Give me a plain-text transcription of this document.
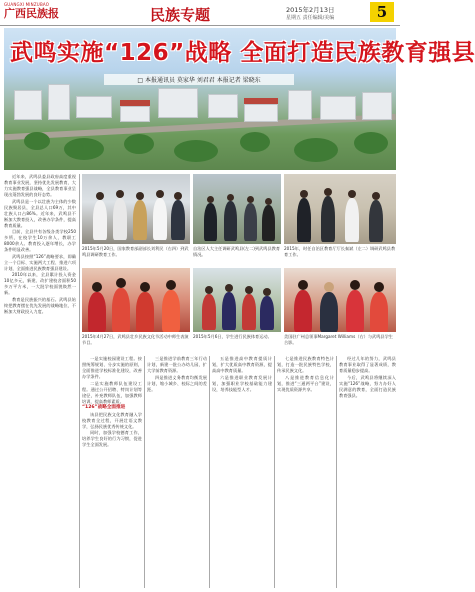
GUANGXI MINZUBAO
广西民族报	民族专题	2015年2月13日
星期五 责任编辑/美编	5
武鸣实施“126”战略 全面打造民族教育强县
□ 本报通讯员 莫家华 刘君君 本报记者 梁晓东

近年来，武鸣县委县政府高度重视教育事业发展，坚持优先发展教育，大力实施教育强县战略，全县教育事业呈现出蓬勃发展的良好态势。

武鸣县是一个以壮族为主体的少数民族聚居县，全县总人口69万，其中壮族人口占86%。近年来，武鸣县不断加大教育投入，改善办学条件，提高教育质量。

目前，全县共有各级各类学校250多所，在校学生10万余人，教职工8000余人。教育投入逐年增长，办学条件明显改善。

武鸣县按照“126”战略要求，即确立一个目标、实施两大工程、推进六项计划，全面推进民族教育强县建设。

2010年以来，全县累计投入资金10亿多元，新建、改扩建校舍面积50多万平方米，一大批学校面貌焕然一新。

教育是民族振兴的基石。武鸣县始终把教育摆在优先发展的战略地位，不断加大财政投入力度。

2015年5月20日，国家教育部副部长刘利民（右四）到武鸣县调研教育工作。
自治区人大主任调研武鸣县(左二)到武鸣县教育情况。
2015年，时任自治区教育厅厅长秦斌（左二）调研武鸣县教育工作。
2015年4月27日，武鸣县壮乡民族文化节活动中师生表演节目。
2015年5月6日，学生进行民族体育运动。	美国驻广州总领事Margaret Williams（右）与武鸣县学生合影。

一是实施校园建设工程。按照统筹规划、分步实施的原则，全面推进学校标准化建设，改善办学条件。

二是实施教师队伍建设工程。通过公开招聘、特岗计划等途径，补充教师队伍，加强教师培训，提高教师素质。

“126”战略全面推进

该县把民族文化教育融入学校教育全过程，开展壮语文教学，弘扬民族优秀传统文化。

同时，加强学校德育工作，培养学生良好的行为习惯，促进学生全面发展。

三是推进学前教育三年行动计划，新建一批公办幼儿园，扩大学前教育资源。

四是推进义务教育均衡发展计划，缩小城乡、校际之间的差距。

五是推进高中教育提质计划，扩大优质高中教育资源，提高高中教育质量。

六是推进职业教育发展计划，加强职业学校基础能力建设，培养技能型人才。

七是推进民族教育特色计划，打造一批民族特色学校，传承民族文化。

八是推进教育信息化计划，推进“三通两平台”建设，实现优质资源共享。

经过几年的努力，武鸣县教育事业取得了显著成绩，教育质量稳步提高。

今后，武鸣县将继续深入实施“126”战略，努力办好人民满意的教育，全面打造民族教育强县。
